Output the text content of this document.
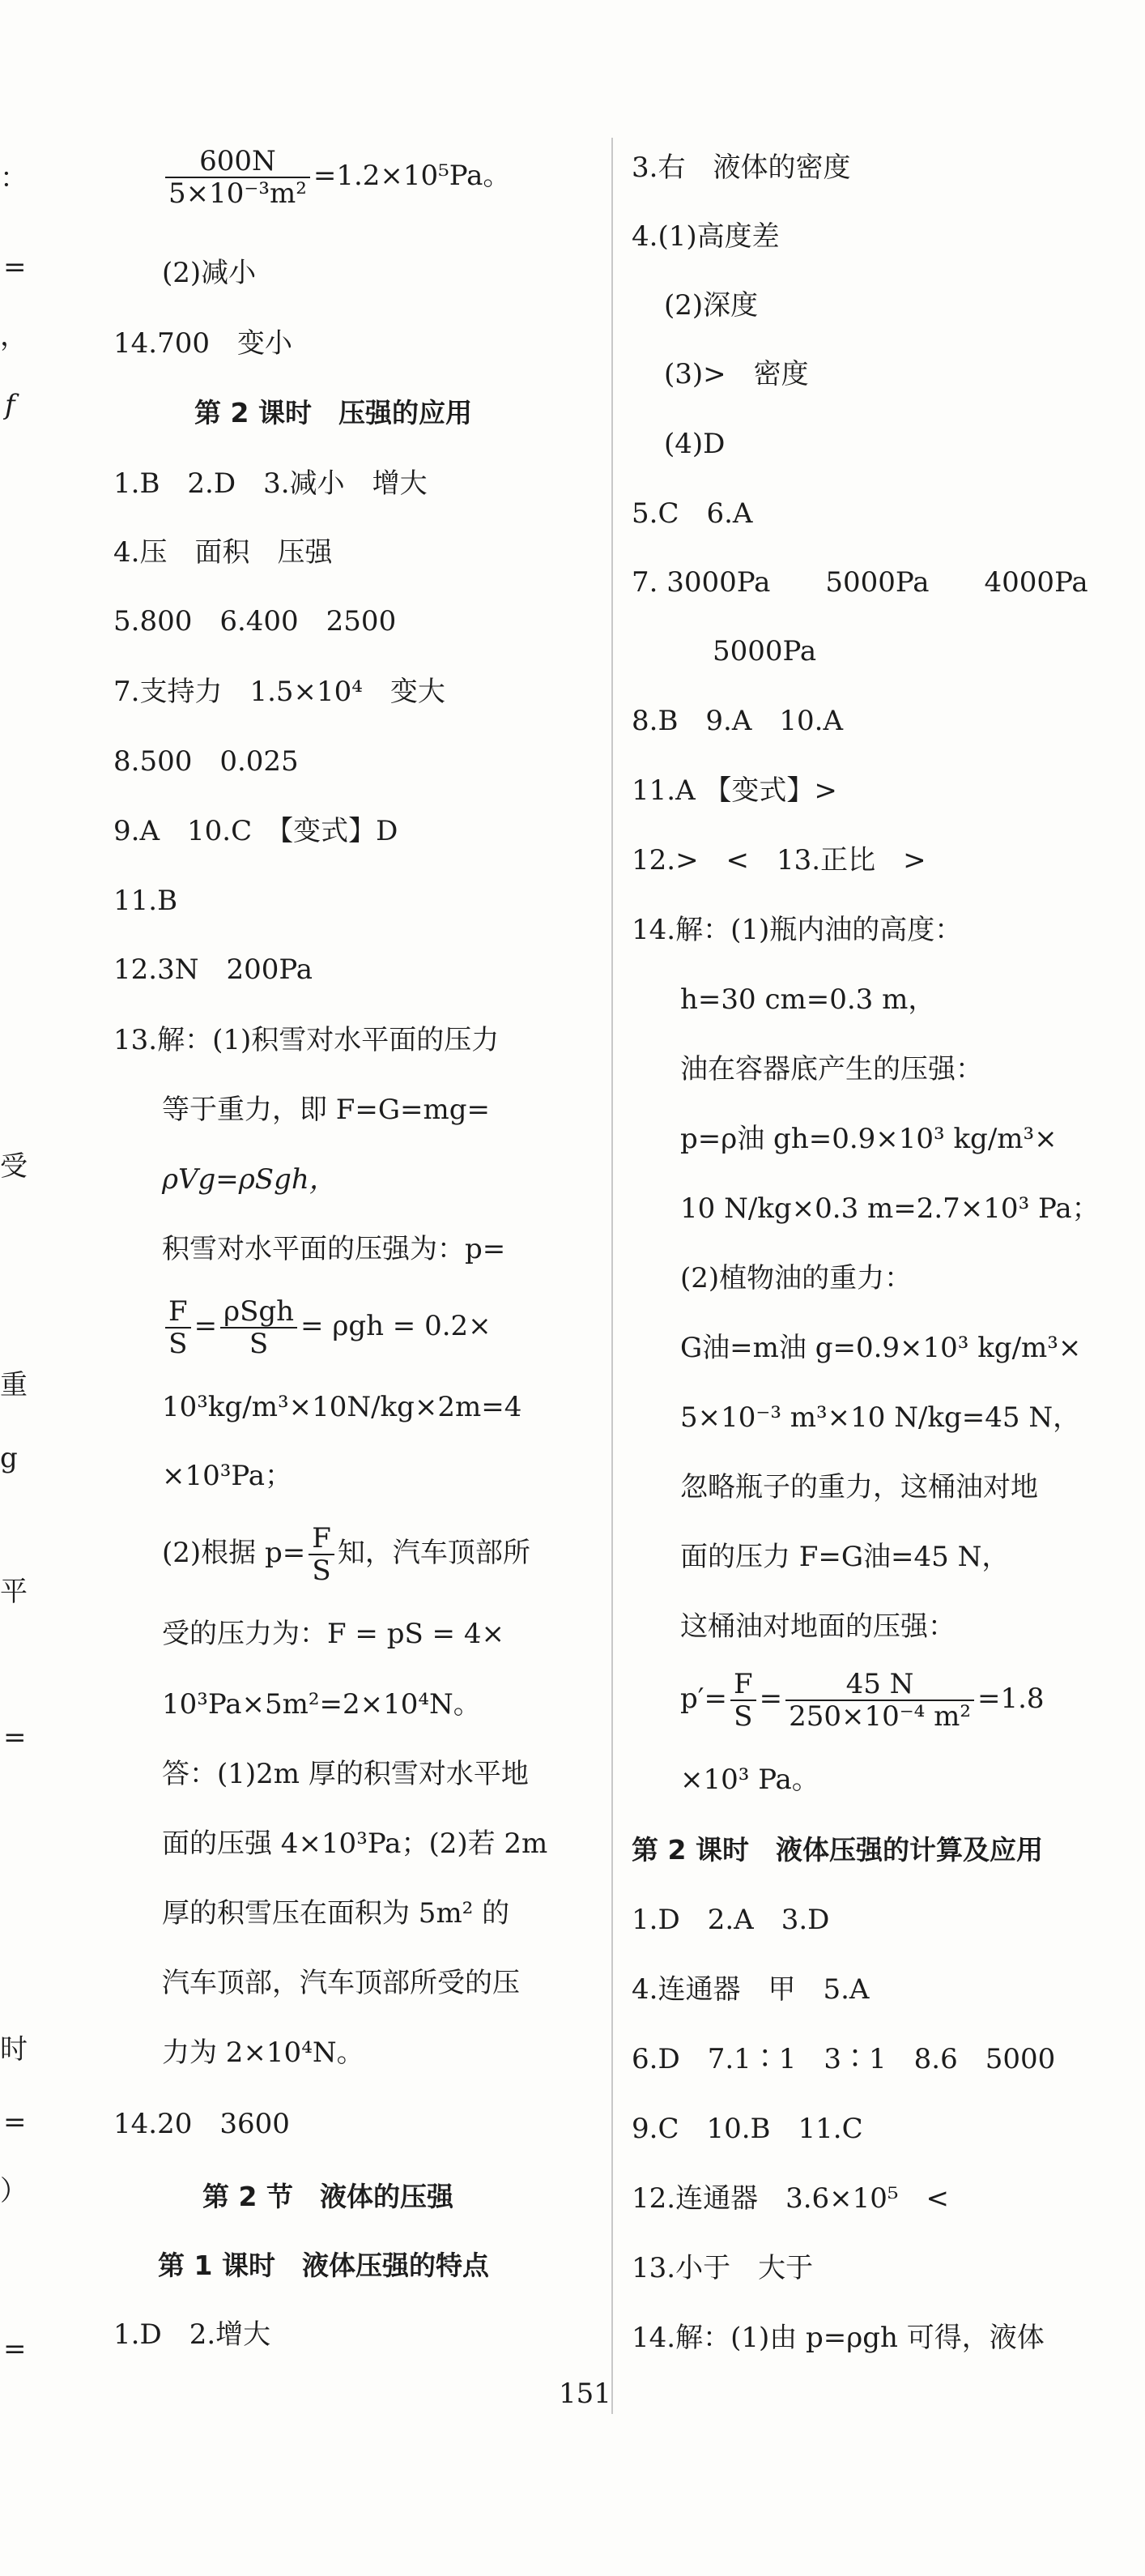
：
=
，
f
受
重
g
平
=
时
=
）
=
$\frac{600N}{\text{5×10⁻³m²}} =1.2\times 10^5Pa$。
(2)减小
14.700　变小
第 2 课时　压强的应用
1.B　2.D　3.减小　增大
4.压　面积　压强
5.800　6.400　2500
7.支持力　1.5×10⁴　变大
8.500　0.025
9.A　10.C　【变式】D
11.B
12.3N　200Pa
13.解：(1)积雪对水平面的压力
等于重力，即 F=G=mg=
ρVg=ρSgh，
积雪对水平面的压强为：p=
$\frac{F}{S} = \frac{\text{ρSgh}}{S} = \rho gh = 0.2\times$
10³kg/m³×10N/kg×2m=4
×10³Pa；
(2)根据 $p= \frac{F}{S}$ 知，汽车顶部所
受的压力为：F = pS = 4×
10³Pa×5m²=2×10⁴N。
答：(1)2m 厚的积雪对水平地
面的压强 4×10³Pa；(2)若 2m
厚的积雪压在面积为 5m² 的
汽车顶部，汽车顶部所受的压
力为 2×10⁴N。
14.20　3600
第 2 节　液体的压强
第 1 课时　液体压强的特点
1.D　2.增大
3.右　液体的密度
4.(1)高度差
(2)深度
(3)>　密度
(4)D
5.C　6.A
7. 3000Pa　　5000Pa　　4000Pa
5000Pa
8.B　9.A　10.A
11.A 【变式】>
12.>　<　13.正比　>
14.解：(1)瓶内油的高度：
h=30 cm=0.3 m，
油在容器底产生的压强：
p=ρ油 gh=0.9×10³ kg/m³×
10 N/kg×0.3 m=2.7×10³ Pa；
(2)植物油的重力：
G油=m油 g=0.9×10³ kg/m³×
5×10⁻³ m³×10 N/kg=45 N，
忽略瓶子的重力，这桶油对地
面的压力 F=G油=45 N，
这桶油对地面的压强：
$p'= \frac{F}{S} = \frac{45 N}{\text{250×10⁻⁴ m²}} =1.8$
×10³ Pa。
第 2 课时　液体压强的计算及应用
1.D　2.A　3.D
4.连通器　甲　5.A
6.D　7.1∶1　3∶1　8.6　5000
9.C　10.B　11.C
12.连通器　3.6×10⁵　<
13.小于　大于
14.解：(1)由 p=ρgh 可得，液体
151
